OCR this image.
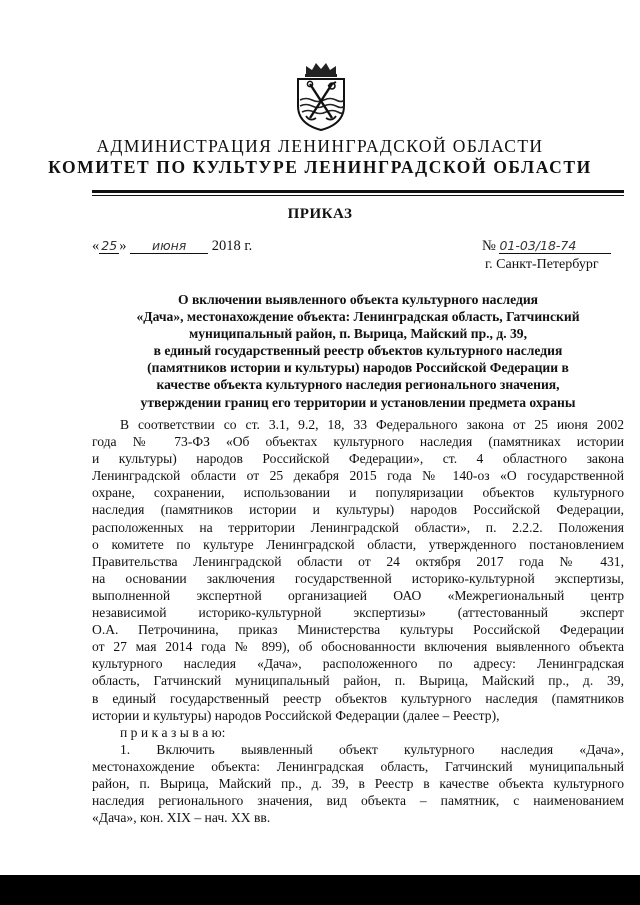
АДМИНИСТРАЦИЯ ЛЕНИНГРАДСКОЙ ОБЛАСТИ
КОМИТЕТ ПО КУЛЬТУРЕ ЛЕНИНГРАДСКОЙ ОБЛАСТИ
ПРИКАЗ
« 25 » июня 2018 г.	№ 01-03/18-74
г. Санкт-Петербург
О включении выявленного объекта культурного наследия
«Дача», местонахождение объекта: Ленинградская область, Гатчинский
муниципальный район, п. Вырица, Майский пр., д. 39,
в единый государственный реестр объектов культурного наследия
(памятников истории и культуры) народов Российской Федерации в
качестве объекта культурного наследия регионального значения,
утверждении границ его территории и установлении предмета охраны
В соответствии со ст. 3.1, 9.2, 18, 33 Федерального закона от 25 июня 2002
года № 73-ФЗ «Об объектах культурного наследия (памятниках истории
и культуры) народов Российской Федерации», ст. 4 областного закона
Ленинградской области от 25 декабря 2015 года № 140-оз «О государственной
охране, сохранении, использовании и популяризации объектов культурного
наследия (памятников истории и культуры) народов Российской Федерации,
расположенных на территории Ленинградской области», п. 2.2.2. Положения
о комитете по культуре Ленинградской области, утвержденного постановлением
Правительства Ленинградской области от 24 октября 2017 года № 431,
на основании заключения государственной историко-культурной экспертизы,
выполненной экспертной организацией ОАО «Межрегиональный центр
независимой историко-культурной экспертизы» (аттестованный эксперт
О.А. Петрочинина, приказ Министерства культуры Российской Федерации
от 27 мая 2014 года № 899), об обоснованности включения выявленного объекта
культурного наследия «Дача», расположенного по адресу: Ленинградская
область, Гатчинский муниципальный район, п. Вырица, Майский пр., д. 39,
в единый государственный реестр объектов культурного наследия (памятников
истории и культуры) народов Российской Федерации (далее – Реестр),
п р и к а з ы в а ю:
1. Включить выявленный объект культурного наследия «Дача»,
местонахождение объекта: Ленинградская область, Гатчинский муниципальный
район, п. Вырица, Майский пр., д. 39, в Реестр в качестве объекта культурного
наследия регионального значения, вид объекта – памятник, с наименованием
«Дача», кон. XIX – нач. XX вв.
